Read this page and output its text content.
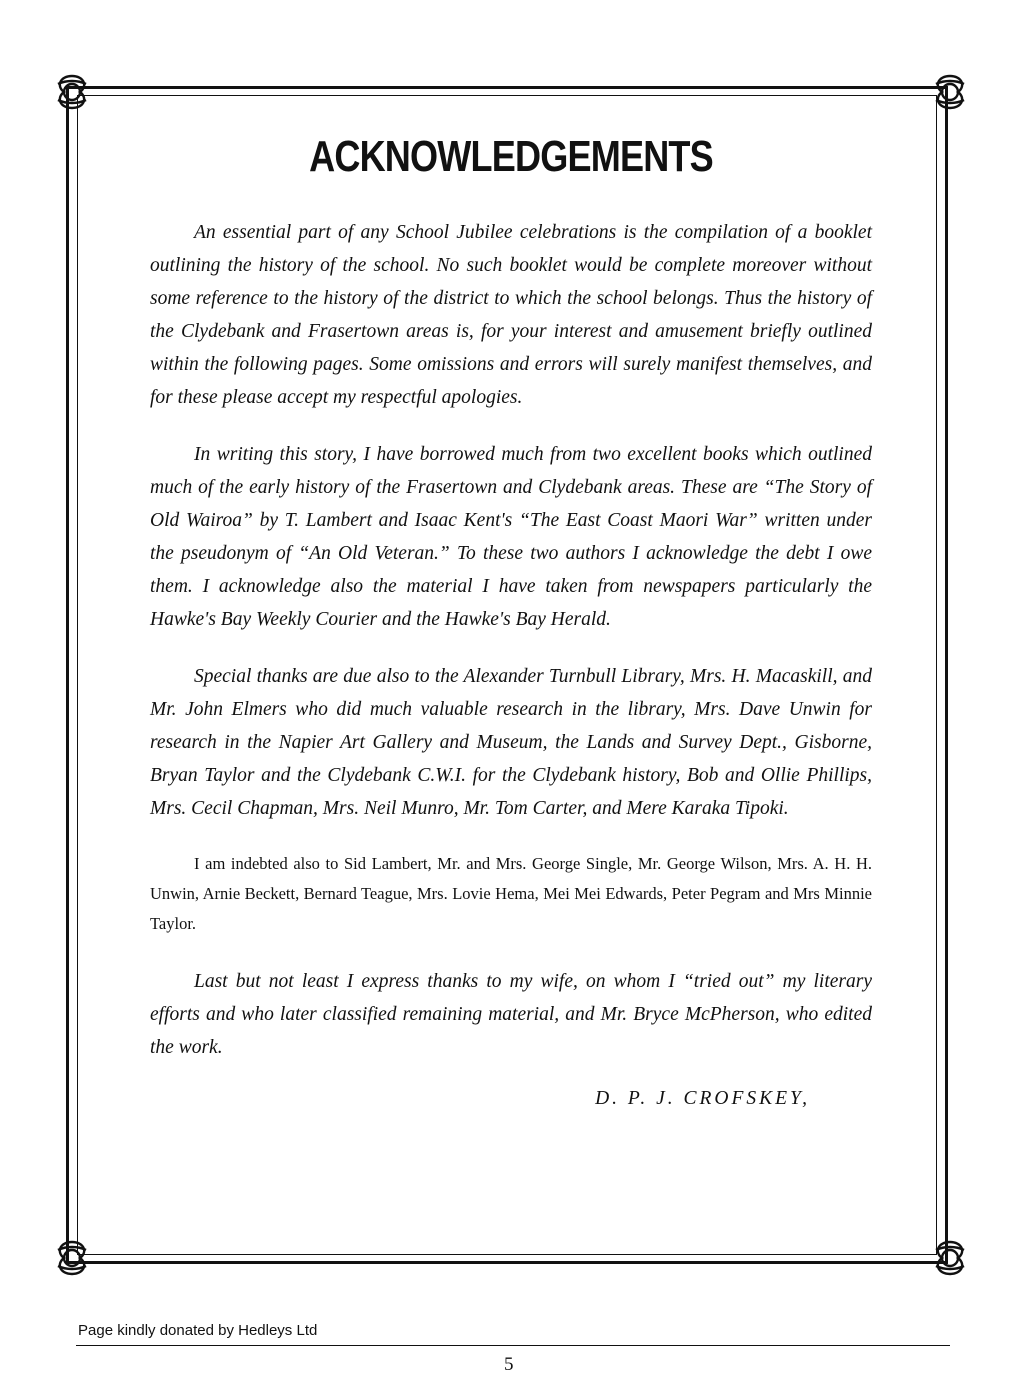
ACKNOWLEDGEMENTS

An essential part of any School Jubilee celebrations is the compilation of a booklet outlining the history of the school. No such booklet would be complete moreover without some reference to the history of the district to which the school belongs. Thus the history of the Clydebank and Frasertown areas is, for your interest and amusement briefly outlined within the following pages. Some omissions and errors will surely manifest themselves, and for these please accept my respectful apologies.

In writing this story, I have borrowed much from two excellent books which outlined much of the early history of the Frasertown and Clydebank areas. These are “The Story of Old Wairoa” by T. Lambert and Isaac Kent's “The East Coast Maori War” written under the pseudonym of “An Old Veteran.” To these two authors I acknowledge the debt I owe them. I acknowledge also the material I have taken from newspapers particularly the Hawke's Bay Weekly Courier and the Hawke's Bay Herald.

Special thanks are due also to the Alexander Turnbull Library, Mrs. H. Macaskill, and Mr. John Elmers who did much valuable research in the library, Mrs. Dave Unwin for research in the Napier Art Gallery and Museum, the Lands and Survey Dept., Gisborne, Bryan Taylor and the Clydebank C.W.I. for the Clydebank history, Bob and Ollie Phillips, Mrs. Cecil Chapman, Mrs. Neil Munro, Mr. Tom Carter, and Mere Karaka Tipoki.

I am indebted also to Sid Lambert, Mr. and Mrs. George Single, Mr. George Wilson, Mrs. A. H. H. Unwin, Arnie Beckett, Bernard Teague, Mrs. Lovie Hema, Mei Mei Edwards, Peter Pegram and Mrs Minnie Taylor.

Last but not least I express thanks to my wife, on whom I “tried out” my literary efforts and who later classified remaining material, and Mr. Bryce McPherson, who edited the work.

D. P. J. CROFSKEY,
Page kindly donated by Hedleys Ltd
5
